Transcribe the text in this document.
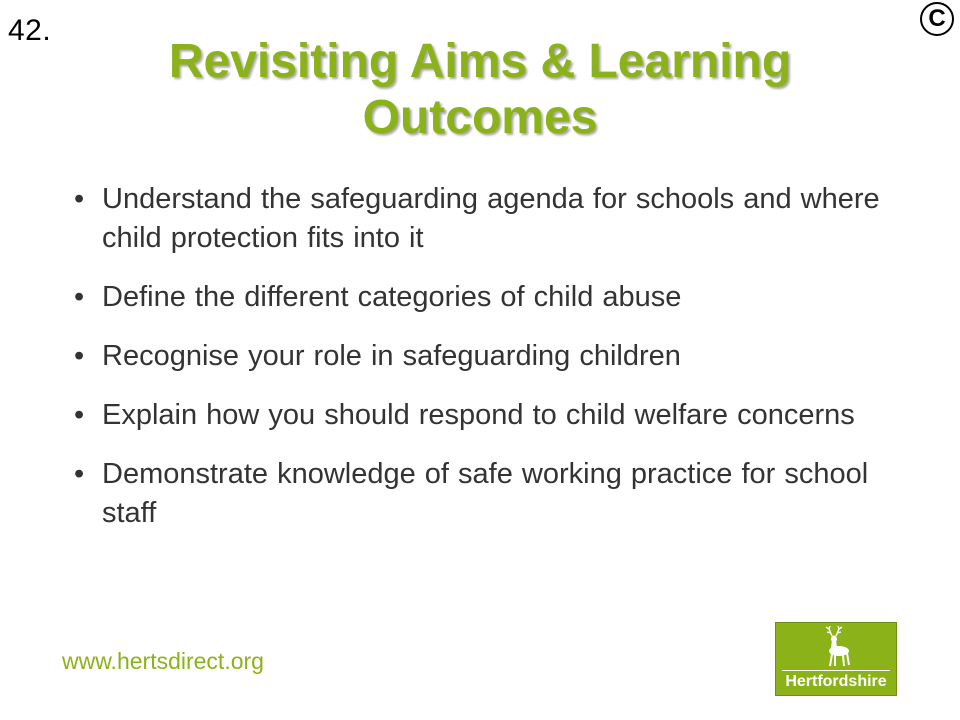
42.	C
Revisiting Aims & Learning Outcomes
• Understand the safeguarding agenda for schools and where child protection fits into it
• Define the different categories of child abuse
• Recognise your role in safeguarding children
• Explain how you should respond to child welfare concerns
• Demonstrate knowledge of safe working practice for school staff
www.hertsdirect.org
Hertfordshire
